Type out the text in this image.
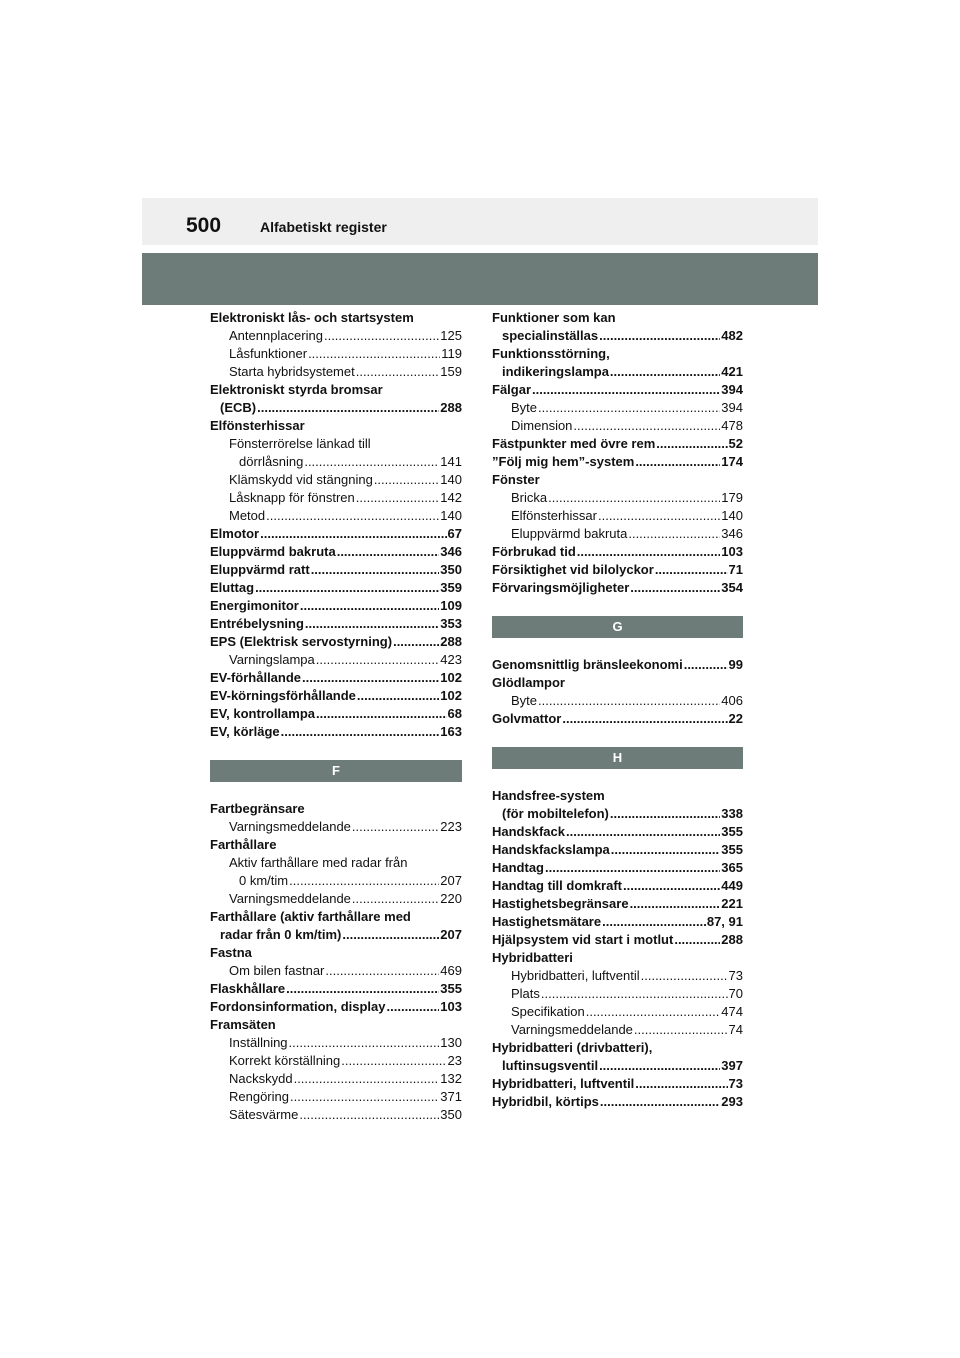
500	Alfabetiskt register
Elektroniskt lås- och startsystem
Antennplacering .....	125
Låsfunktioner .....	119
Starta hybridsystemet .....	159
Elektroniskt styrda bromsar
(ECB) .....	288
Elfönsterhissar
Fönsterrörelse länkad till
dörrlåsning .....	141
Klämskydd vid stängning .....	140
Låsknapp för fönstren .....	142
Metod .....	140
Elmotor .....	67
Eluppvärmd bakruta .....	346
Eluppvärmd ratt .....	350
Eluttag .....	359
Energimonitor .....	109
Entrébelysning .....	353
EPS (Elektrisk servostyrning) .....	288
Varningslampa .....	423
EV-förhållande .....	102
EV-körningsförhållande .....	102
EV, kontrollampa .....	68
EV, körläge .....	163
F
Fartbegränsare
Varningsmeddelande .....	223
Farthållare
Aktiv farthållare med radar från
0 km/tim .....	207
Varningsmeddelande .....	220
Farthållare (aktiv farthållare med
radar från 0 km/tim) .....	207
Fastna
Om bilen fastnar .....	469
Flaskhållare .....	355
Fordonsinformation, display .....	103
Framsäten
Inställning .....	130
Korrekt körställning .....	23
Nackskydd .....	132
Rengöring .....	371
Sätesvärme .....	350
Funktioner som kan
specialinställas .....	482
Funktionsstörning,
indikeringslampa .....	421
Fälgar .....	394
Byte .....	394
Dimension .....	478
Fästpunkter med övre rem .....	52
”Följ mig hem”-system .....	174
Fönster
Bricka .....	179
Elfönsterhissar .....	140
Eluppvärmd bakruta .....	346
Förbrukad tid .....	103
Försiktighet vid bilolyckor .....	71
Förvaringsmöjligheter .....	354
G
Genomsnittlig bränsleekonomi .....	99
Glödlampor
Byte .....	406
Golvmattor .....	22
H
Handsfree-system
(för mobiltelefon) .....	338
Handskfack .....	355
Handskfackslampa .....	355
Handtag .....	365
Handtag till domkraft .....	449
Hastighetsbegränsare .....	221
Hastighetsmätare .....	87, 91
Hjälpsystem vid start i motlut .....	288
Hybridbatteri
Hybridbatteri, luftventil .....	73
Plats .....	70
Specifikation .....	474
Varningsmeddelande .....	74
Hybridbatteri (drivbatteri),
luftinsugsventil .....	397
Hybridbatteri, luftventil .....	73
Hybridbil, körtips .....	293
